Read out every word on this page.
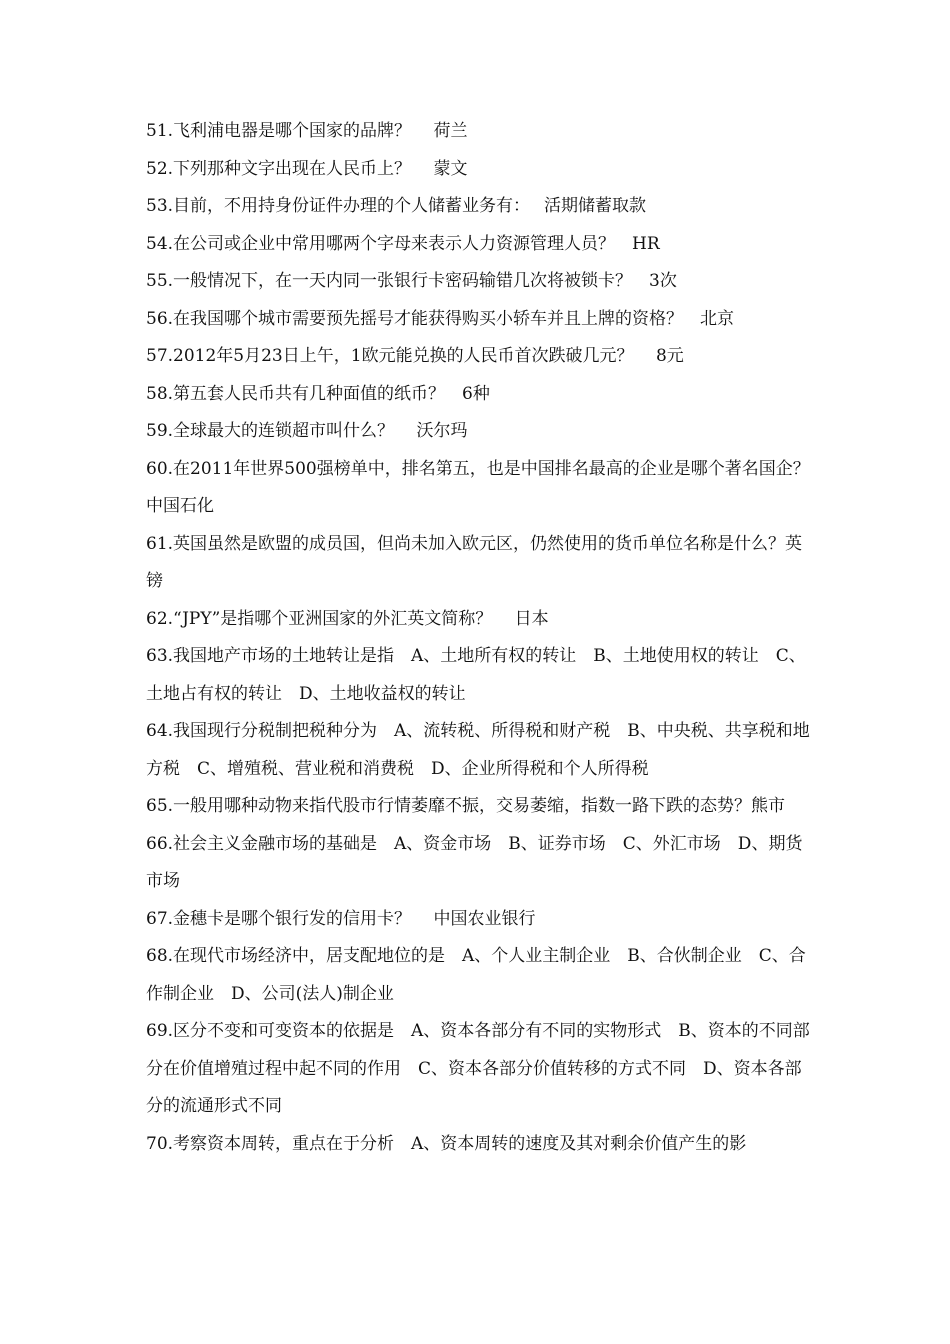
51.飞利浦电器是哪个国家的品牌？　 荷兰

52.下列那种文字出现在人民币上？　 蒙文

53.目前，不用持身份证件办理的个人储蓄业务有：　 活期储蓄取款

54.在公司或企业中常用哪两个字母来表示人力资源管理人员？　HR

55.一般情况下，在一天内同一张银行卡密码输错几次将被锁卡？　3次

56.在我国哪个城市需要预先摇号才能获得购买小轿车并且上牌的资格？　北京

57.2012年5月23日上午，1欧元能兑换的人民币首次跌破几元？　 8元

58.第五套人民币共有几种面值的纸币？　6种

59.全球最大的连锁超市叫什么？　 沃尔玛

60.在2011年世界500强榜单中，排名第五，也是中国排名最高的企业是哪个著名国企？　 中国石化

61.英国虽然是欧盟的成员国，但尚未加入欧元区，仍然使用的货币单位名称是什么？英镑

62.“JPY”是指哪个亚洲国家的外汇英文简称？　 日本

63.我国地产市场的土地转让是指　A、土地所有权的转让　B、土地使用权的转让　C、土地占有权的转让　D、土地收益权的转让

64.我国现行分税制把税种分为　A、流转税、所得税和财产税　B、中央税、共享税和地方税　C、增殖税、营业税和消费税　D、企业所得税和个人所得税

65.一般用哪种动物来指代股市行情萎靡不振，交易萎缩，指数一路下跌的态势？熊市

66.社会主义金融市场的基础是　A、资金市场　B、证券市场　C、外汇市场　D、期货市场

67.金穗卡是哪个银行发的信用卡？　 中国农业银行

68.在现代市场经济中，居支配地位的是　A、个人业主制企业　B、合伙制企业　C、合作制企业　D、公司(法人)制企业

69.区分不变和可变资本的依据是　A、资本各部分有不同的实物形式　B、资本的不同部分在价值增殖过程中起不同的作用　C、资本各部分价值转移的方式不同　D、资本各部分的流通形式不同

70.考察资本周转，重点在于分析　A、资本周转的速度及其对剩余价值产生的影
